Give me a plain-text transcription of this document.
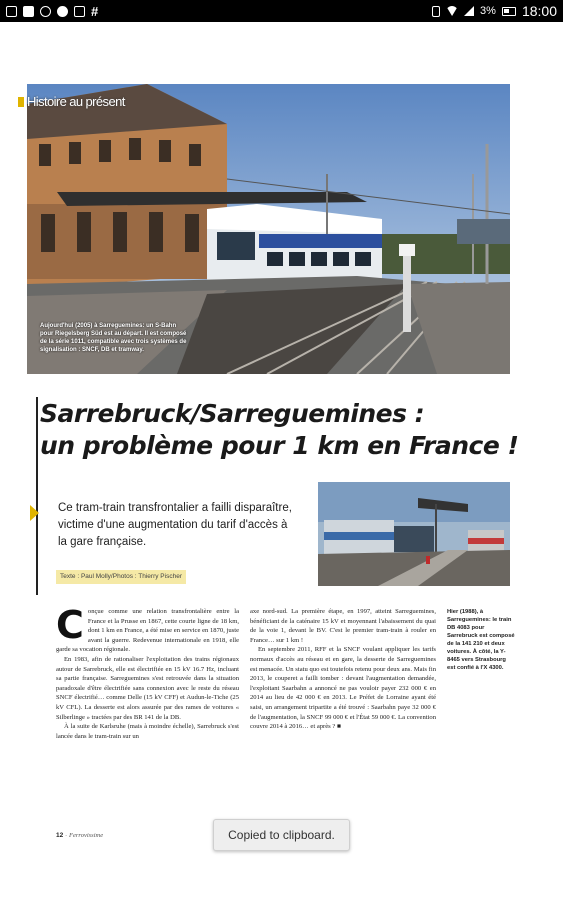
#	3% 18:00
Histoire au présent
Aujourd'hui (2005) à Sarreguemines: un S-Bahn pour Riegelsberg Süd est au départ. Il est composé de la série 1011, compatible avec trois systèmes de signalisation : SNCF, DB et tramway.
Sarrebruck/Sarreguemines :
un problème pour 1 km en France !

Ce tram-train transfrontalier a failli disparaître, victime d'une augmentation du tarif d'accès à la gare française.

Texte : Paul Molly/Photos : Thierry Pischer
Hier (1988), à Sarreguemines: le train DB 4083 pour Sarrebruck est composé de la 141 210 et deux voitures. À côté, la Y-8465 vers Strasbourg est confié à l'X 4300.
C onçue comme une relation transfrontalière entre la France et la Prusse en 1867, cette courte ligne de 18 km, dont 1 km en France, a été mise en service en 1870, juste avant la guerre. Redevenue internationale en 1918, elle garde sa vocation régionale.

En 1983, afin de rationaliser l'exploitation des trains régionaux autour de Sarrebruck, elle est électrifiée en 15 kV 16.7 Hz, incluant sa partie française. Sarreguemines s'est retrouvée dans la situation paradoxale d'être électrifiée sans connexion avec le reste du réseau SNCF électrifié… comme Delle (15 kV CFF) et Audun-le-Tiche (25 kV CFL). La desserte est alors assurée par des rames de voitures « Silberlinge » tractées par des BR 141 de la DB.

À la suite de Karlsruhe (mais à moindre échelle), Sarrebruck s'est lancée dans le tram-train sur un

axe nord-sud. La première étape, en 1997, atteint Sarreguemines, bénéficiant de la caténaire 15 kV et moyennant l'abaissement du quai de la voie 1, devant le BV. C'est le premier tram-train à rouler en France… sur 1 km !

En septembre 2011, RFF et la SNCF voulant appliquer les tarifs normaux d'accès au réseau et en gare, la desserte de Sarreguemines est menacée. Un statu quo est toutefois retenu pour deux ans. Mais fin 2013, le couperet a failli tomber : devant l'augmentation demandée, l'exploitant Saarbahn a annoncé ne pas vouloir payer 232 000 € en 2014 au lieu de 42 000 € en 2013. Le Préfet de Lorraine ayant été saisi, un arrangement tripartite a été trouvé : Saarbahn paye 32 000 € de l'augmentation, la SNCF 99 000 € et l'État 59 000 €. La convention couvre 2014 à 2016… et après ? ■

12 · Ferrovissime	Copied to clipboard.
